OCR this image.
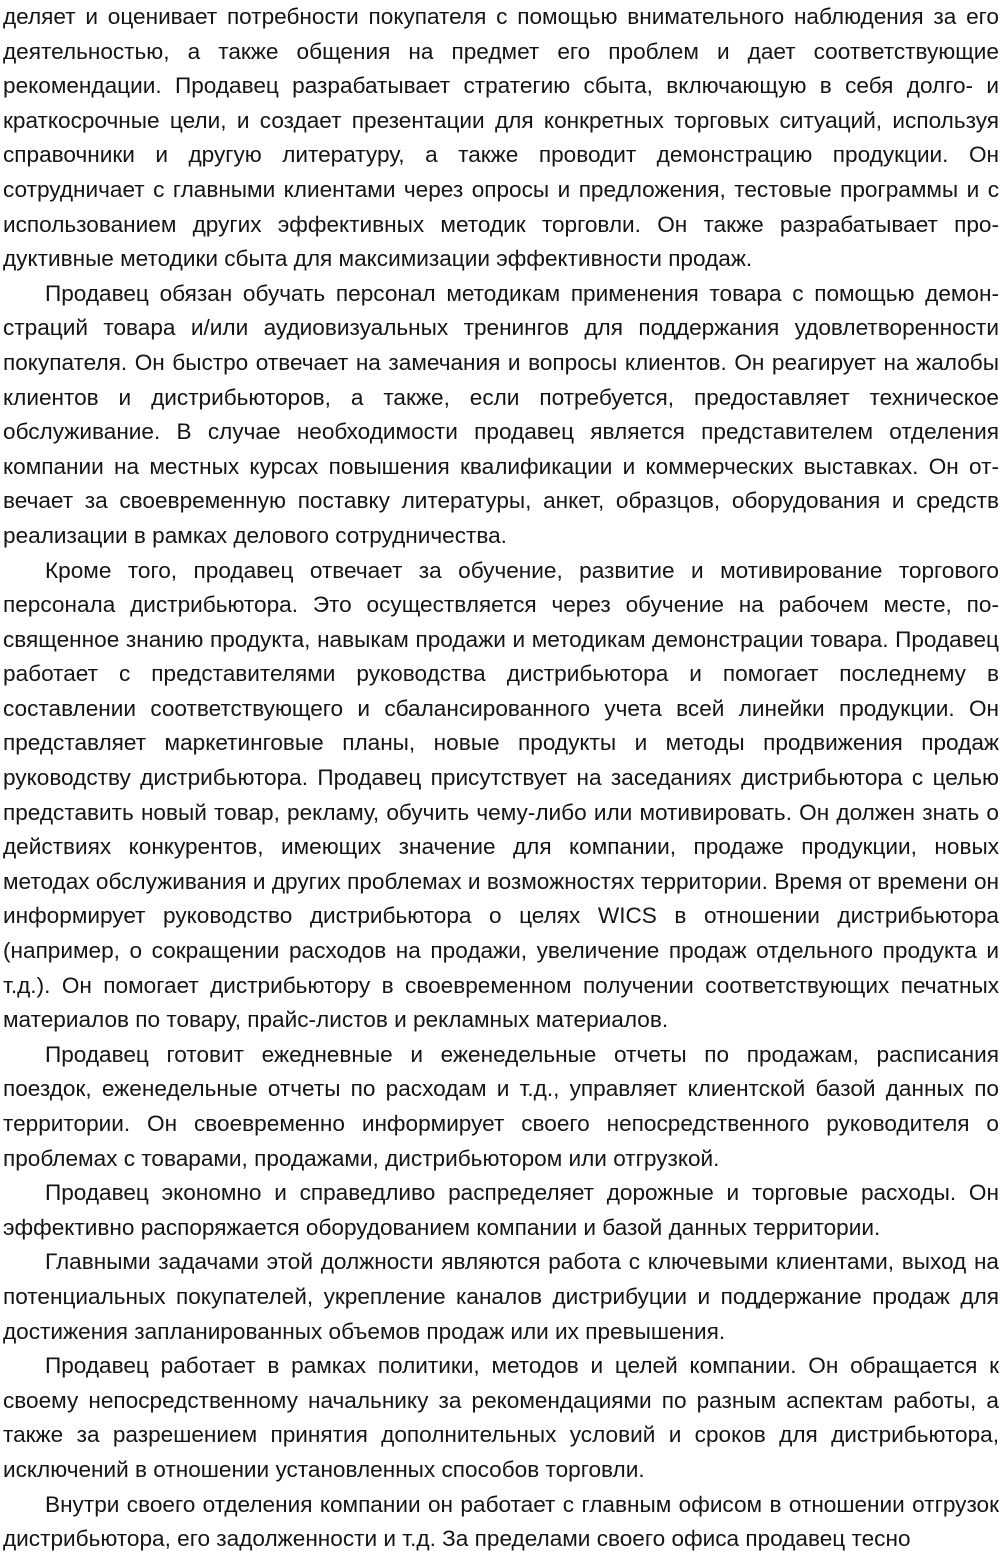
деляет и оценивает потребности покупателя с помощью внимательного наблюдения за его деятельностью, а также общения на предмет его проблем и дает соответствующие рекомендации. Продавец разрабатывает стратегию сбыта, включающую в себя долго- и краткосрочные цели, и создает презентации для конкретных торговых ситуаций, используя справочники и другую литературу, а также проводит демонстрацию продукции. Он сотрудничает с главными клиентами через опросы и предложения, тестовые программы и с использованием других эффективных методик торговли. Он также разрабатывает продуктивные методики сбыта для максимизации эффективности продаж.

Продавец обязан обучать персонал методикам применения товара с помощью демонстраций товара и/или аудиовизуальных тренингов для поддержания удовлетворенности покупателя. Он быстро отвечает на замечания и вопросы клиентов. Он реагирует на жалобы клиентов и дистрибьюторов, а также, если потребуется, предоставляет техническое обслуживание. В случае необходимости продавец является представителем отделения компании на местных курсах повышения квалификации и коммерческих выставках. Он отвечает за своевременную поставку литературы, анкет, образцов, оборудования и средств реализации в рамках делового сотрудничества.

Кроме того, продавец отвечает за обучение, развитие и мотивирование торгового персонала дистрибьютора. Это осуществляется через обучение на рабочем месте, посвященное знанию продукта, навыкам продажи и методикам демонстрации товара. Продавец работает с представителями руководства дистрибьютора и помогает последнему в составлении соответствующего и сбалансированного учета всей линейки продукции. Он представляет маркетинговые планы, новые продукты и методы продвижения продаж руководству дистрибьютора. Продавец присутствует на заседаниях дистрибьютора с целью представить новый товар, рекламу, обучить чему-либо или мотивировать. Он должен знать о действиях конкурентов, имеющих значение для компании, продаже продукции, новых методах обслуживания и других проблемах и возможностях территории. Время от времени он информирует руководство дистрибьютора о целях WICS в отношении дистрибьютора (например, о сокращении расходов на продажи, увеличение продаж отдельного продукта и т.д.). Он помогает дистрибьютору в своевременном получении соответствующих печатных материалов по товару, прайс-листов и рекламных материалов.

Продавец готовит ежедневные и еженедельные отчеты по продажам, расписания поездок, еженедельные отчеты по расходам и т.д., управляет клиентской базой данных по территории. Он своевременно информирует своего непосредственного руководителя о проблемах с товарами, продажами, дистрибьютором или отгрузкой.

Продавец экономно и справедливо распределяет дорожные и торговые расходы. Он эффективно распоряжается оборудованием компании и базой данных территории.

Главными задачами этой должности являются работа с ключевыми клиентами, выход на потенциальных покупателей, укрепление каналов дистрибуции и поддержание продаж для достижения запланированных объемов продаж или их превышения.

Продавец работает в рамках политики, методов и целей компании. Он обращается к своему непосредственному начальнику за рекомендациями по разным аспектам работы, а также за разрешением принятия дополнительных условий и сроков для дистрибьютора, исключений в отношении установленных способов торговли.

Внутри своего отделения компании он работает с главным офисом в отношении отгрузок дистрибьютора, его задолженности и т.д. За пределами своего офиса продавец тесно
